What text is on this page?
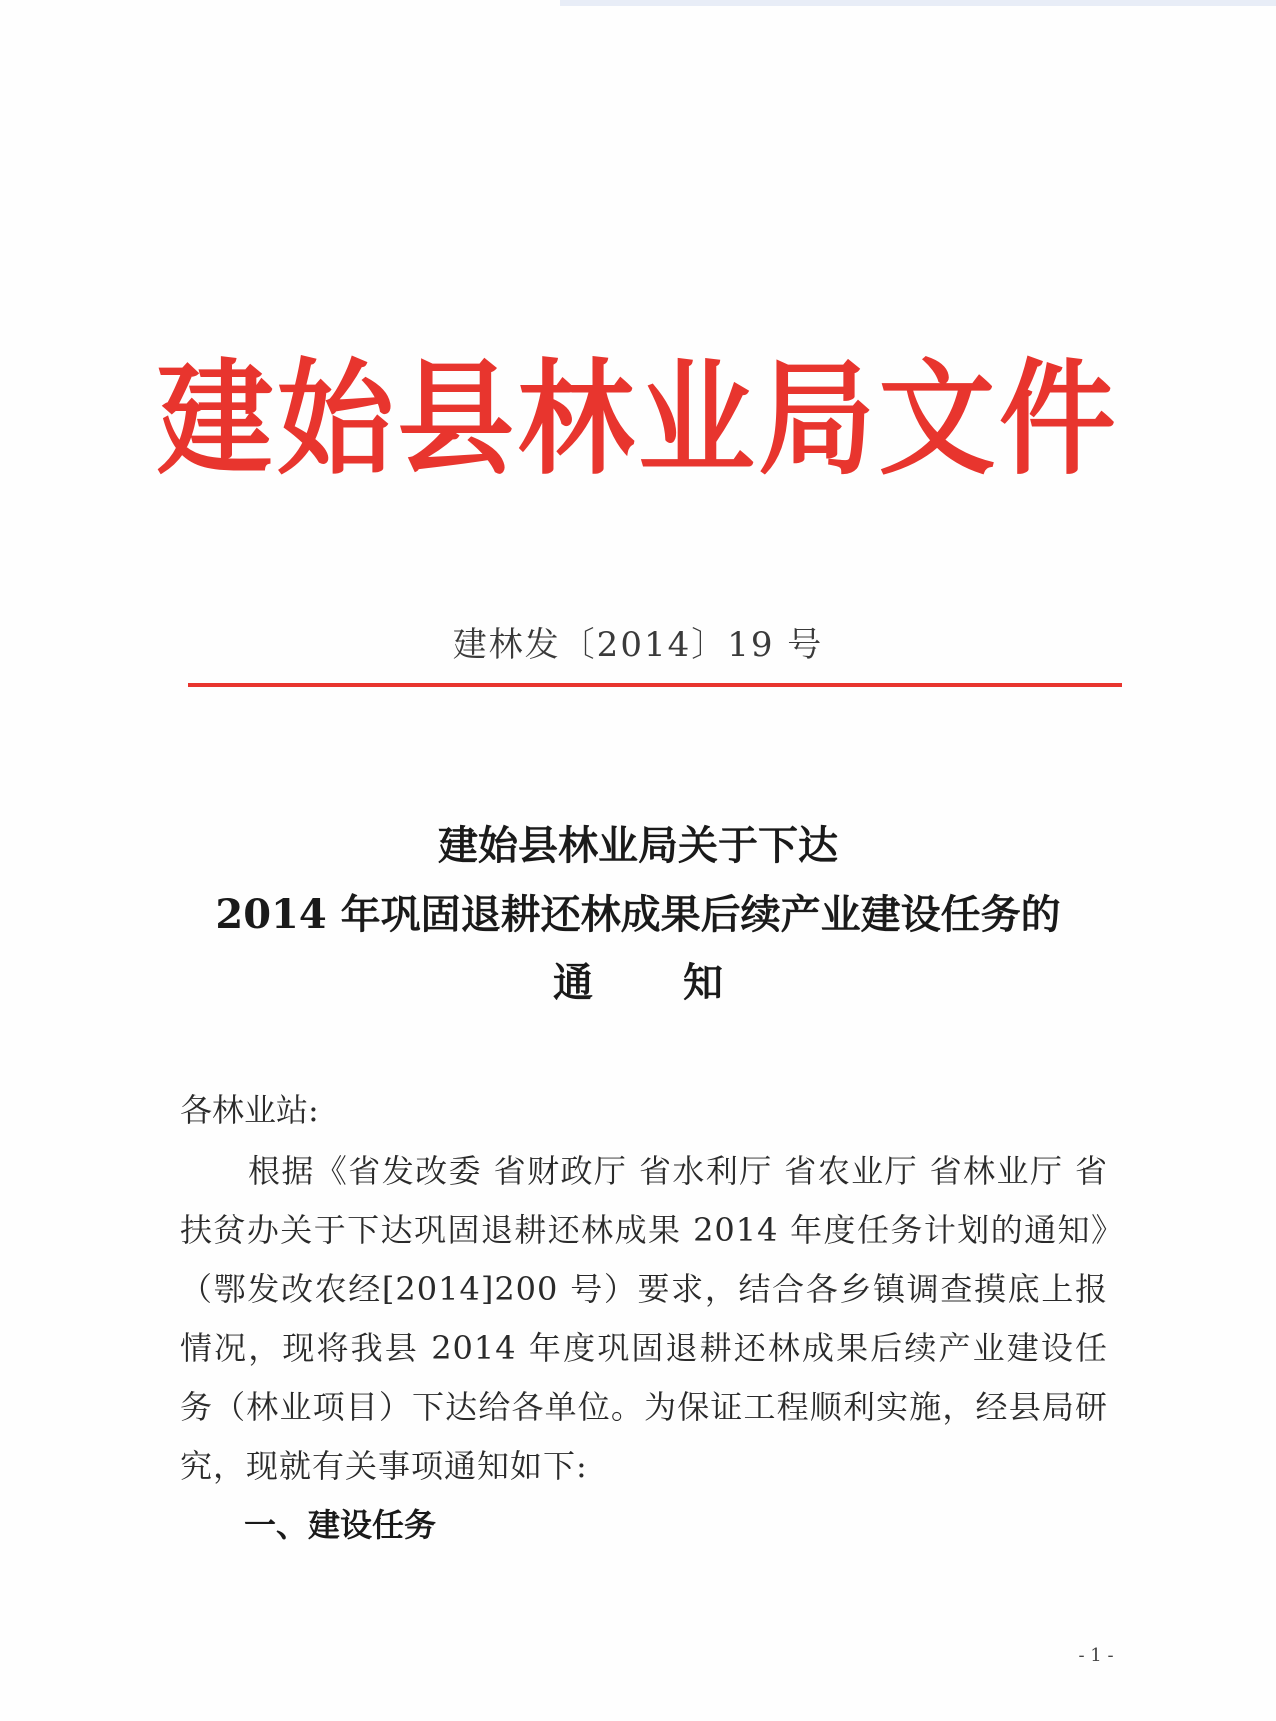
建始县林业局文件
建林发〔2014〕19 号
建始县林业局关于下达
2014 年巩固退耕还林成果后续产业建设任务的
通知
各林业站:
根据《省发改委 省财政厅 省水利厅 省农业厅 省林业厅 省扶贫办关于下达巩固退耕还林成果 2014 年度任务计划的通知》（鄂发改农经[2014]200 号）要求，结合各乡镇调查摸底上报情况，现将我县 2014 年度巩固退耕还林成果后续产业建设任务（林业项目）下达给各单位。为保证工程顺利实施，经县局研究，现就有关事项通知如下:
一、建设任务
- 1 -
